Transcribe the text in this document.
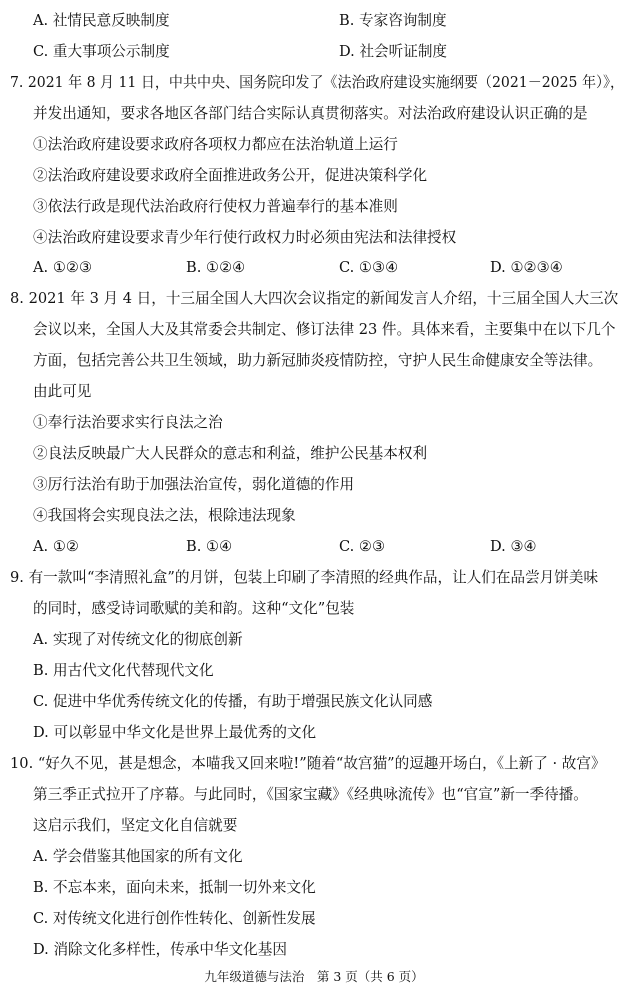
A. 社情民意反映制度	B. 专家咨询制度
C. 重大事项公示制度	D. 社会听证制度
7. 2021 年 8 月 11 日，中共中央、国务院印发了《法治政府建设实施纲要（2021－2025 年）》，
并发出通知，要求各地区各部门结合实际认真贯彻落实。对法治政府建设认识正确的是
①法治政府建设要求政府各项权力都应在法治轨道上运行
②法治政府建设要求政府全面推进政务公开，促进决策科学化
③依法行政是现代法治政府行使权力普遍奉行的基本准则
④法治政府建设要求青少年行使行政权力时必须由宪法和法律授权
A. ①②③	B. ①②④	C. ①③④	D. ①②③④
8. 2021 年 3 月 4 日，十三届全国人大四次会议指定的新闻发言人介绍，十三届全国人大三次
会议以来，全国人大及其常委会共制定、修订法律 23 件。具体来看，主要集中在以下几个
方面，包括完善公共卫生领域，助力新冠肺炎疫情防控，守护人民生命健康安全等法律。
由此可见
①奉行法治要求实行良法之治
②良法反映最广大人民群众的意志和利益，维护公民基本权利
③厉行法治有助于加强法治宣传，弱化道德的作用
④我国将会实现良法之法，根除违法现象
A. ①②	B. ①④	C. ②③	D. ③④
9. 有一款叫“李清照礼盒”的月饼，包装上印刷了李清照的经典作品，让人们在品尝月饼美味
的同时，感受诗词歌赋的美和韵。这种“文化”包装
A. 实现了对传统文化的彻底创新
B. 用古代文化代替现代文化
C. 促进中华优秀传统文化的传播，有助于增强民族文化认同感
D. 可以彰显中华文化是世界上最优秀的文化
10. “好久不见，甚是想念，本喵我又回来啦!”随着“故宫猫”的逗趣开场白，《上新了 · 故宫》
第三季正式拉开了序幕。与此同时，《国家宝藏》《经典咏流传》也“官宣”新一季待播。
这启示我们，坚定文化自信就要
A. 学会借鉴其他国家的所有文化
B. 不忘本来，面向未来，抵制一切外来文化
C. 对传统文化进行创作性转化、创新性发展
D. 消除文化多样性，传承中华文化基因
九年级道德与法治　第 3 页（共 6 页）
